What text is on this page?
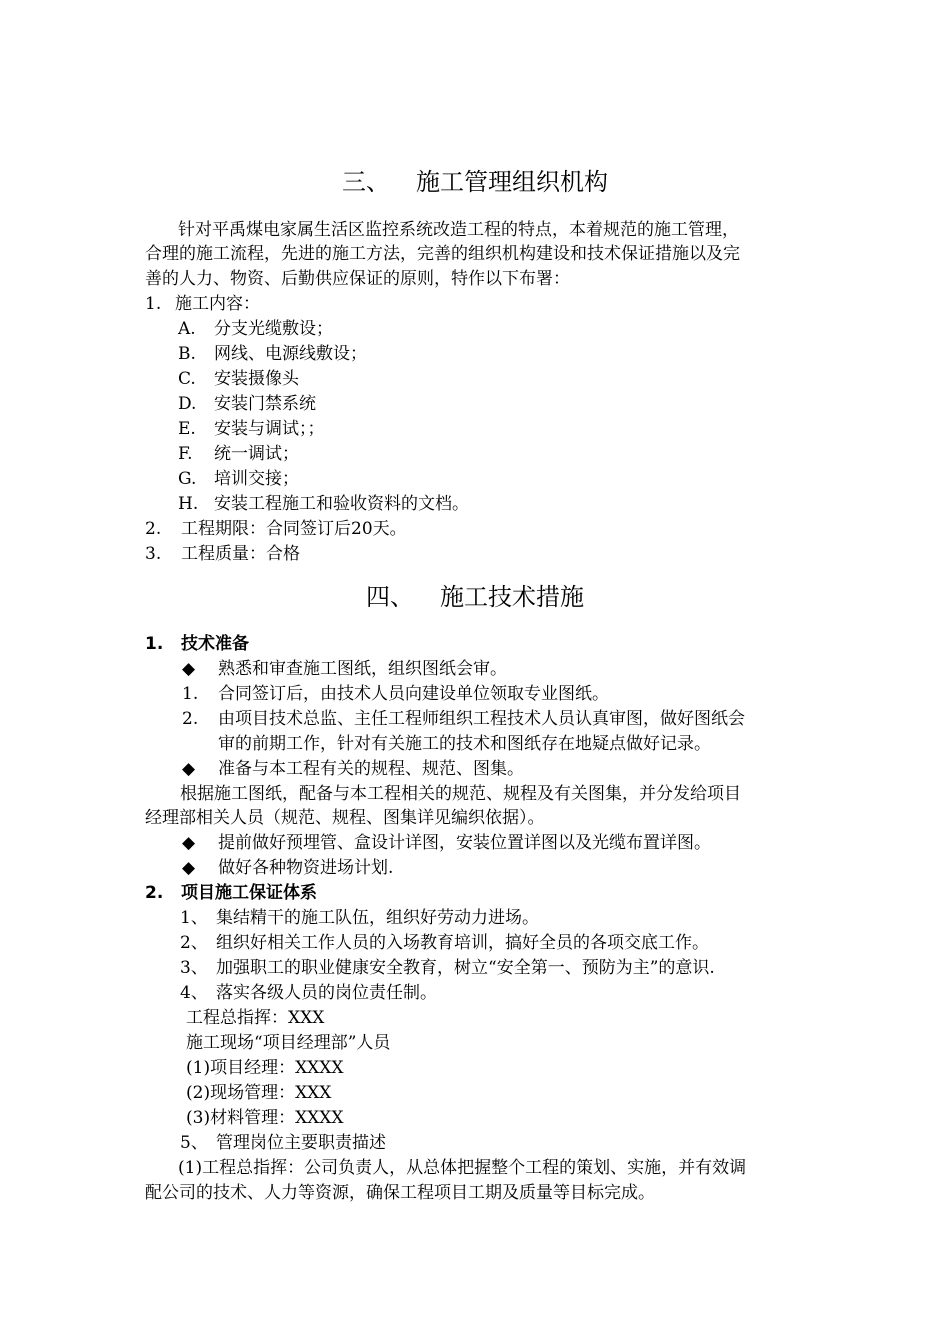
三、 施工管理组织机构
针对平禹煤电家属生活区监控系统改造工程的特点，本着规范的施工管理，
合理的施工流程，先进的施工方法，完善的组织机构建设和技术保证措施以及完
善的人力、物资、后勤供应保证的原则，特作以下布署：
1. 施工内容：
A. 分支光缆敷设；
B. 网线、电源线敷设；
C. 安装摄像头
D. 安装门禁系统
E. 安装与调试；；
F. 统一调试；
G. 培训交接；
H. 安装工程施工和验收资料的文档。
2. 工程期限：合同签订后20天。
3. 工程质量：合格
四、 施工技术措施
1. 技术准备
◆ 熟悉和审查施工图纸，组织图纸会审。
1. 合同签订后，由技术人员向建设单位领取专业图纸。
2. 由项目技术总监、主任工程师组织工程技术人员认真审图，做好图纸会
审的前期工作，针对有关施工的技术和图纸存在地疑点做好记录。
◆ 准备与本工程有关的规程、规范、图集。
根据施工图纸，配备与本工程相关的规范、规程及有关图集，并分发给项目
经理部相关人员（规范、规程、图集详见编织依据）。
◆ 提前做好预埋管、盒设计详图，安装位置详图以及光缆布置详图。
◆ 做好各种物资进场计划.
2. 项目施工保证体系
1、 集结精干的施工队伍，组织好劳动力进场。
2、 组织好相关工作人员的入场教育培训，搞好全员的各项交底工作。
3、 加强职工的职业健康安全教育，树立“安全第一、预防为主”的意识.
4、 落实各级人员的岗位责任制。
工程总指挥：XXX
施工现场“项目经理部”人员
(1)项目经理：XXXX
(2)现场管理：XXX
(3)材料管理：XXXX
5、 管理岗位主要职责描述
(1)工程总指挥：公司负责人，从总体把握整个工程的策划、实施，并有效调
配公司的技术、人力等资源，确保工程项目工期及质量等目标完成。
